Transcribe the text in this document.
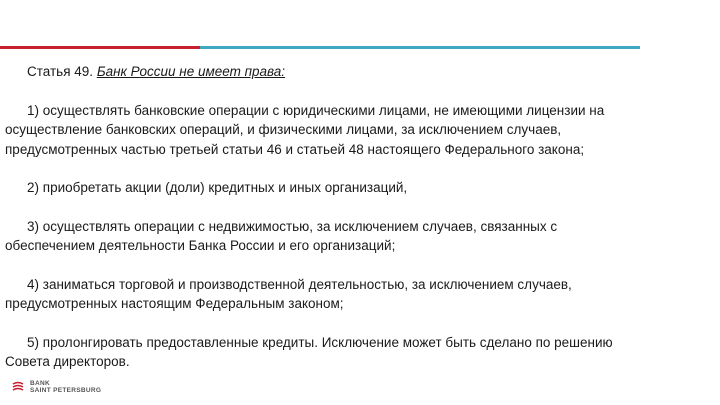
Статья 49. Банк России не имеет права:

1) осуществлять банковские операции с юридическими лицами, не имеющими лицензии на осуществление банковских операций, и физическими лицами, за исключением случаев, предусмотренных частью третьей статьи 46 и статьей 48 настоящего Федерального закона;

2) приобретать акции (доли) кредитных и иных организаций,

3) осуществлять операции с недвижимостью, за исключением случаев, связанных с обеспечением деятельности Банка России и его организаций;

4) заниматься торговой и производственной деятельностью, за исключением случаев, предусмотренных настоящим Федеральным законом;

5) пролонгировать предоставленные кредиты. Исключение может быть сделано по решению Совета директоров.

BANK
SAINT PETERSBURG
